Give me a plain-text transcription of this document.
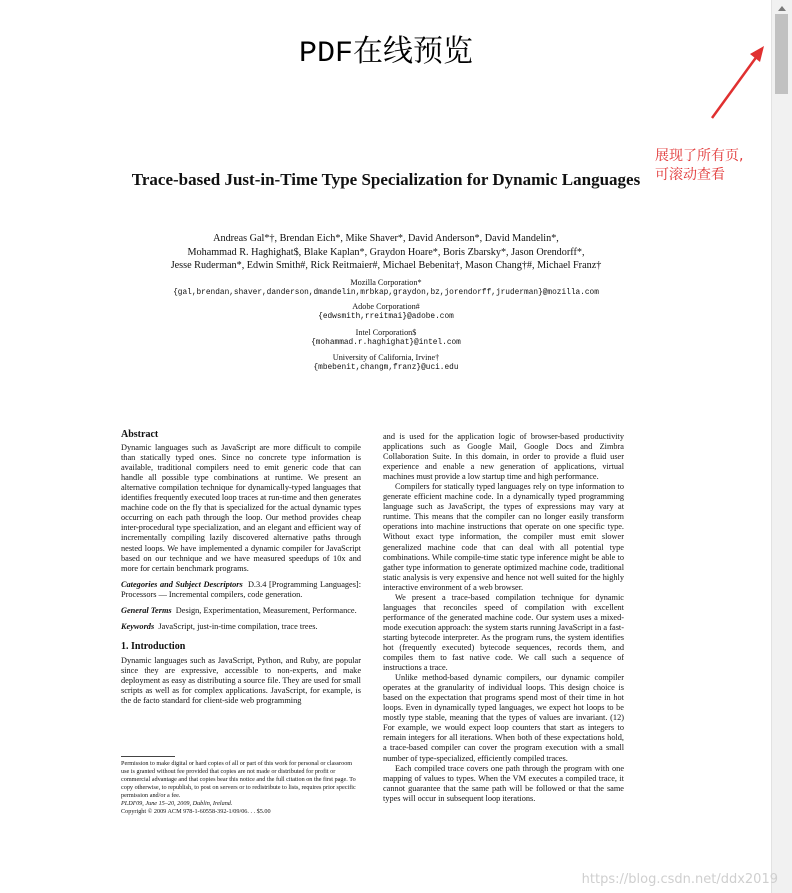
PDF在线预览
Trace-based Just-in-Time Type Specialization for Dynamic Languages
Andreas Gal*†, Brendan Eich*, Mike Shaver*, David Anderson*, David Mandelin*,
Mohammad R. Haghighat$, Blake Kaplan*, Graydon Hoare*, Boris Zbarsky*, Jason Orendorff*,
Jesse Ruderman*, Edwin Smith#, Rick Reitmaier#, Michael Bebenita†, Mason Chang†#, Michael Franz†
Mozilla Corporation*
{gal,brendan,shaver,danderson,dmandelin,mrbkap,graydon,bz,jorendorff,jruderman}@mozilla.com
Adobe Corporation#
{edwsmith,rreitmai}@adobe.com
Intel Corporation$
{mohammad.r.haghighat}@intel.com
University of California, Irvine†
{mbebenit,changm,franz}@uci.edu
Abstract

Dynamic languages such as JavaScript are more difficult to compile than statically typed ones. Since no concrete type information is available, traditional compilers need to emit generic code that can handle all possible type combinations at runtime. We present an alternative compilation technique for dynamically-typed languages that identifies frequently executed loop traces at run-time and then generates machine code on the fly that is specialized for the actual dynamic types occurring on each path through the loop. Our method provides cheap inter-procedural type specialization, and an elegant and efficient way of incrementally compiling lazily discovered alternative paths through nested loops. We have implemented a dynamic compiler for JavaScript based on our technique and we have measured speedups of 10x and more for certain benchmark programs.

Categories and Subject Descriptors D.3.4 [Programming Languages]: Processors — Incremental compilers, code generation.

General Terms Design, Experimentation, Measurement, Performance.

Keywords JavaScript, just-in-time compilation, trace trees.

1. Introduction

Dynamic languages such as JavaScript, Python, and Ruby, are popular since they are expressive, accessible to non-experts, and make deployment as easy as distributing a source file. They are used for small scripts as well as for complex applications. JavaScript, for example, is the de facto standard for client-side web programming

Permission to make digital or hard copies of all or part of this work for personal or classroom use is granted without fee provided that copies are not made or distributed for profit or commercial advantage and that copies bear this notice and the full citation on the first page. To copy otherwise, to republish, to post on servers or to redistribute to lists, requires prior specific permission and/or a fee.

PLDI'09, June 15–20, 2009, Dublin, Ireland.

Copyright © 2009 ACM 978-1-60558-392-1/09/06. . . $5.00

and is used for the application logic of browser-based productivity applications such as Google Mail, Google Docs and Zimbra Collaboration Suite. In this domain, in order to provide a fluid user experience and enable a new generation of applications, virtual machines must provide a low startup time and high performance.

Compilers for statically typed languages rely on type information to generate efficient machine code. In a dynamically typed programming language such as JavaScript, the types of expressions may vary at runtime. This means that the compiler can no longer easily transform operations into machine instructions that operate on one specific type. Without exact type information, the compiler must emit slower generalized machine code that can deal with all potential type combinations. While compile-time static type inference might be able to gather type information to generate optimized machine code, traditional static analysis is very expensive and hence not well suited for the highly interactive environment of a web browser.

We present a trace-based compilation technique for dynamic languages that reconciles speed of compilation with excellent performance of the generated machine code. Our system uses a mixed-mode execution approach: the system starts running JavaScript in a fast-starting bytecode interpreter. As the program runs, the system identifies hot (frequently executed) bytecode sequences, records them, and compiles them to fast native code. We call such a sequence of instructions a trace.

Unlike method-based dynamic compilers, our dynamic compiler operates at the granularity of individual loops. This design choice is based on the expectation that programs spend most of their time in hot loops. Even in dynamically typed languages, we expect hot loops to be mostly type stable, meaning that the types of values are invariant. (12) For example, we would expect loop counters that start as integers to remain integers for all iterations. When both of these expectations hold, a trace-based compiler can cover the program execution with a small number of type-specialized, efficiently compiled traces.

Each compiled trace covers one path through the program with one mapping of values to types. When the VM executes a compiled trace, it cannot guarantee that the same path will be followed or that the same types will occur in subsequent loop iterations.

展现了所有页,
可滚动查看
https://blog.csdn.net/ddx2019
